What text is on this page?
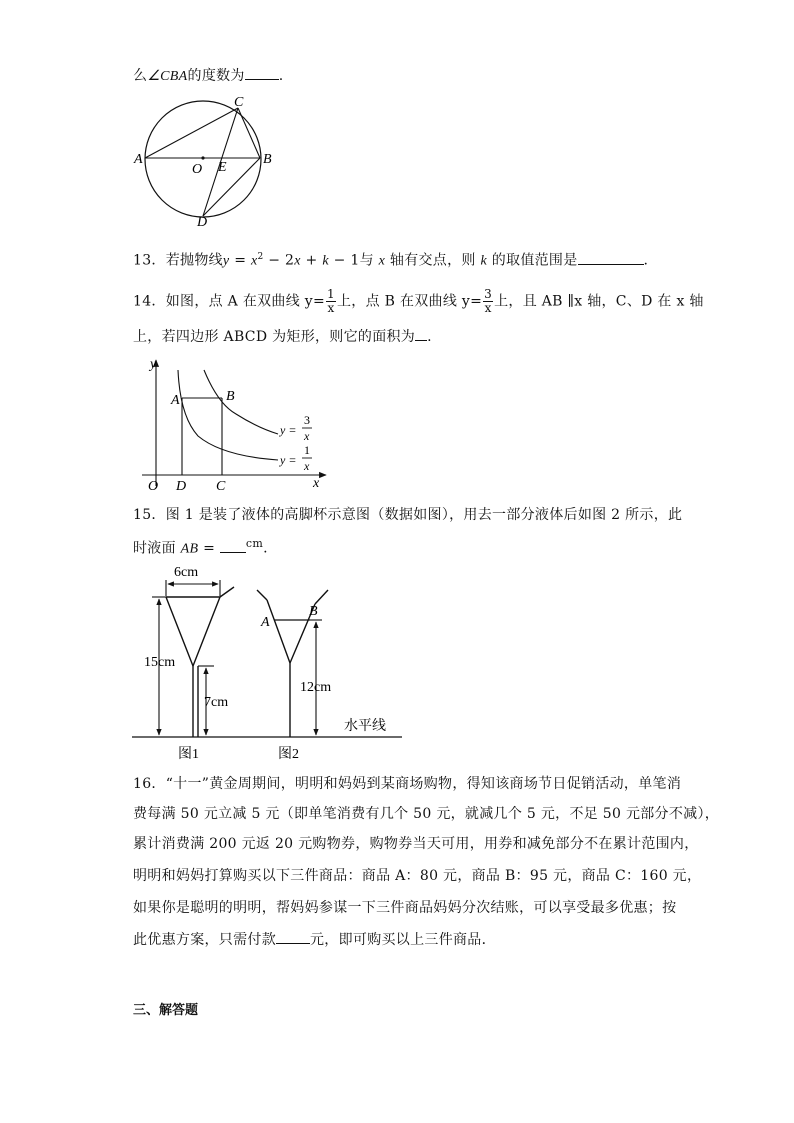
么∠CBA的度数为 .
A	B
C
D
O E
13．若抛物线$y = x^2 - 2x + k - 1$与 x 轴有交点，则 k 的取值范围是	.
14．如图，点 A 在双曲线 $y= \frac{1}{x}$ 上，点 B 在双曲线 $y= \frac{3}{x}$ 上，且 AB ∥x 轴，C、D 在 x 轴
上，若四边形 ABCD 为矩形，则它的面积为 .
y
x
O D C
A	B
y =
3
x
y =
1
x
15．图 1 是装了液体的高脚杯示意图（数据如图），用去一部分液体后如图 2 所示，此
时液面 AB = $^{cm}$.
6cm
15cm
7cm
A
B
12cm
水平线
图1	图2
16．“十一”黄金周期间，明明和妈妈到某商场购物，得知该商场节日促销活动，单笔消
费每满 50 元立减 5 元（即单笔消费有几个 50 元，就减几个 5 元，不足 50 元部分不减），
累计消费满 200 元返 20 元购物券，购物券当天可用，用券和减免部分不在累计范围内，
明明和妈妈打算购买以下三件商品：商品 A：80 元，商品 B：95 元，商品 C：160 元，
如果你是聪明的明明，帮妈妈参谋一下三件商品妈妈分次结账，可以享受最多优惠；按
此优惠方案，只需付款 元，即可购买以上三件商品．
三、解答题
